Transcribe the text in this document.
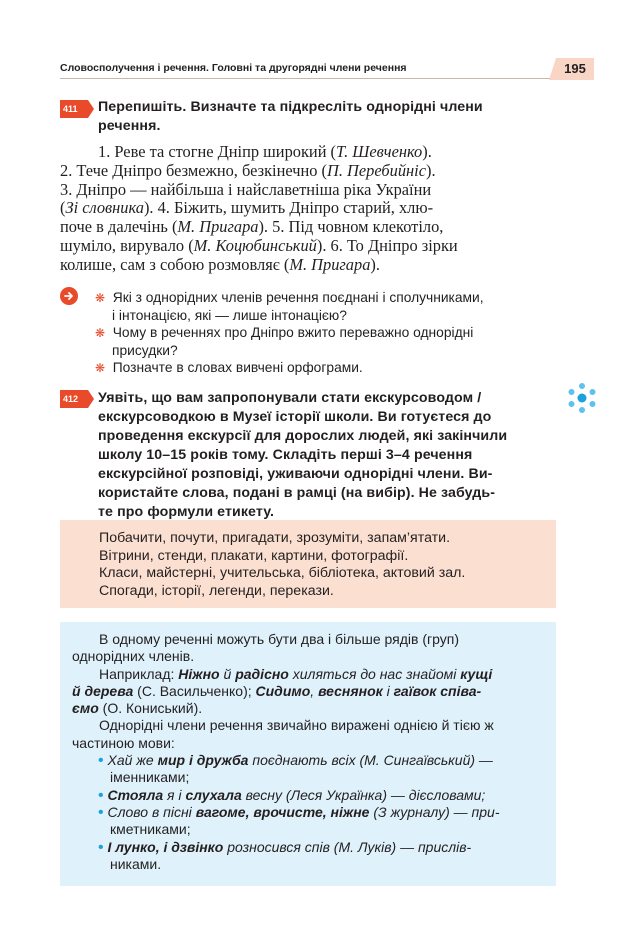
Словосполучення і речення. Головні та другорядні члени речення	195
411	Перепишіть. Визначте та підкресліть однорідні члени
речення.
1. Реве та стогне Дніпр широкий (Т. Шевченко).
2. Тече Дніпро безмежно, безкінечно (П. Перебийніс).
3. Дніпро — найбільша і найславетніша ріка України
(Зі словника). 4. Біжить, шумить Дніпро старий, хлю-
поче в далечінь (М. Пригара). 5. Під човном клекотіло,
шуміло, вирувало (М. Коцюбинський). 6. То Дніпро зірки
колише, сам з собою розмовляє (М. Пригара).
❋ Які з однорідних членів речення поєднані і сполучниками,
і інтонацією, які — лише інтонацією?
❋ Чому в реченнях про Дніпро вжито переважно однорідні
присудки?
❋ Позначте в словах вивчені орфограми.
412	Уявіть, що вам запропонували стати екскурсоводом /
екскурсоводкою в Музеї історії школи. Ви готуєтеся до
проведення екскурсії для дорослих людей, які закінчили
школу 10–15 років тому. Складіть перші 3–4 речення
екскурсійної розповіді, уживаючи однорідні члени. Ви-
користайте слова, подані в рамці (на вибір). Не забудь-
те про формули етикету.
Побачити, почути, пригадати, зрозуміти, запам’ятати.
Вітрини, стенди, плакати, картини, фотографії.
Класи, майстерні, учительська, бібліотека, актовий зал.
Спогади, історії, легенди, перекази.
В одному реченні можуть бути два і більше рядів (груп)
однорідних членів.
Наприклад: Ніжно й радісно хиляться до нас знайомі кущі
й дерева (С. Васильченко); Сидимо, веснянок і гаївок співа-
ємо (О. Кониський).
Однорідні члени речення звичайно виражені однією й тією ж
частиною мови:
• Хай же мир і дружба поєднають всіх (М. Сингаївський) —
іменниками;
• Стояла я і слухала весну (Леся Українка) — дієсловами;
• Слово в пісні вагоме, врочисте, ніжне (З журналу) — при-
кметниками;
• І лунко, і дзвінко розносився спів (М. Луків) — прислів-
никами.
